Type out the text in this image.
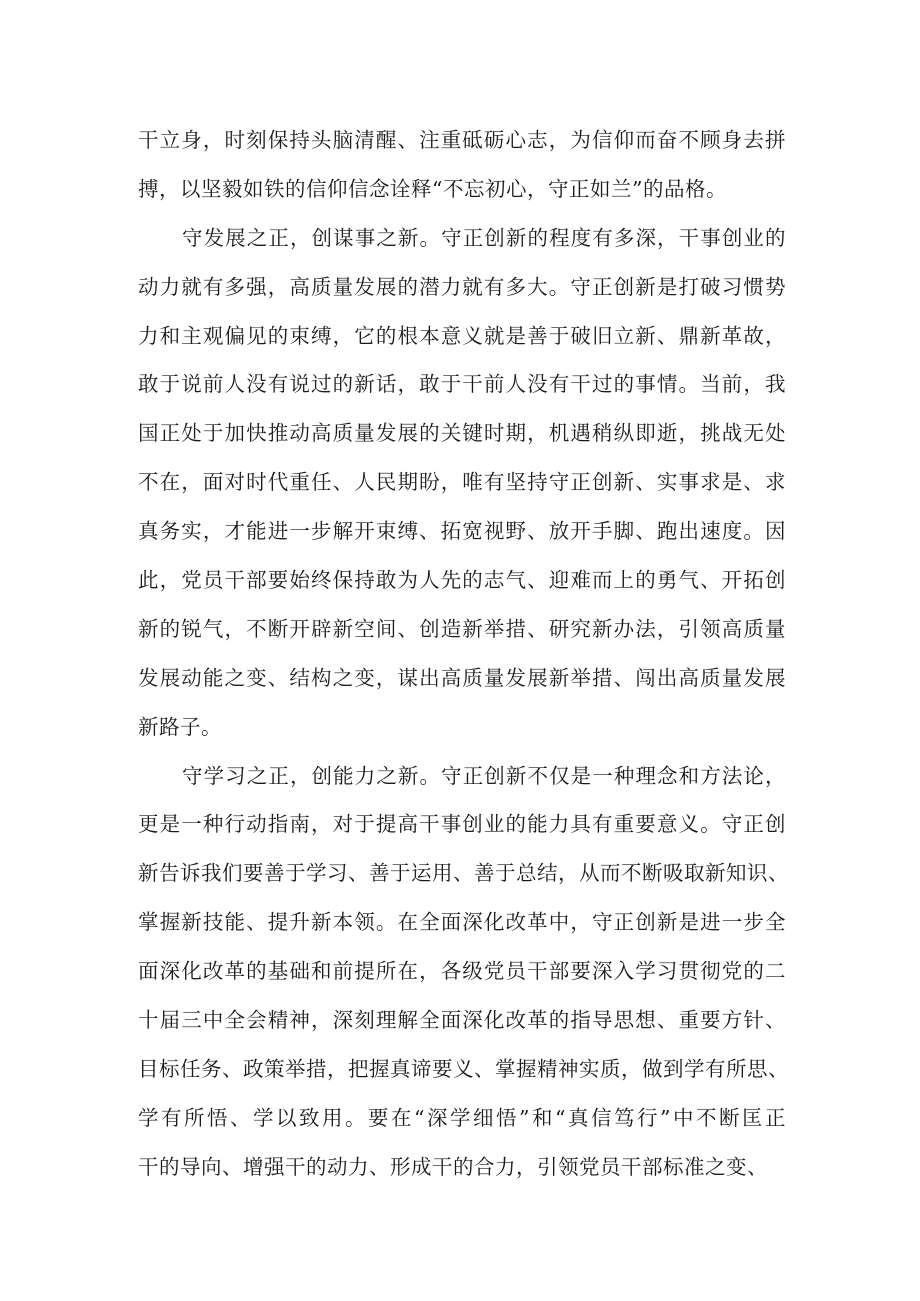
干立身，时刻保持头脑清醒、注重砥砺心志，为信仰而奋不顾身去拼
搏，以坚毅如铁的信仰信念诠释“不忘初心，守正如兰”的品格。
守发展之正，创谋事之新。守正创新的程度有多深，干事创业的
动力就有多强，高质量发展的潜力就有多大。守正创新是打破习惯势
力和主观偏见的束缚，它的根本意义就是善于破旧立新、鼎新革故，
敢于说前人没有说过的新话，敢于干前人没有干过的事情。当前，我
国正处于加快推动高质量发展的关键时期，机遇稍纵即逝，挑战无处
不在，面对时代重任、人民期盼，唯有坚持守正创新、实事求是、求
真务实，才能进一步解开束缚、拓宽视野、放开手脚、跑出速度。因
此，党员干部要始终保持敢为人先的志气、迎难而上的勇气、开拓创
新的锐气，不断开辟新空间、创造新举措、研究新办法，引领高质量
发展动能之变、结构之变，谋出高质量发展新举措、闯出高质量发展
新路子。
守学习之正，创能力之新。守正创新不仅是一种理念和方法论，
更是一种行动指南，对于提高干事创业的能力具有重要意义。守正创
新告诉我们要善于学习、善于运用、善于总结，从而不断吸取新知识、
掌握新技能、提升新本领。在全面深化改革中，守正创新是进一步全
面深化改革的基础和前提所在，各级党员干部要深入学习贯彻党的二
十届三中全会精神，深刻理解全面深化改革的指导思想、重要方针、
目标任务、政策举措，把握真谛要义、掌握精神实质，做到学有所思、
学有所悟、学以致用。要在“深学细悟”和“真信笃行”中不断匡正
干的导向、增强干的动力、形成干的合力，引领党员干部标准之变、
